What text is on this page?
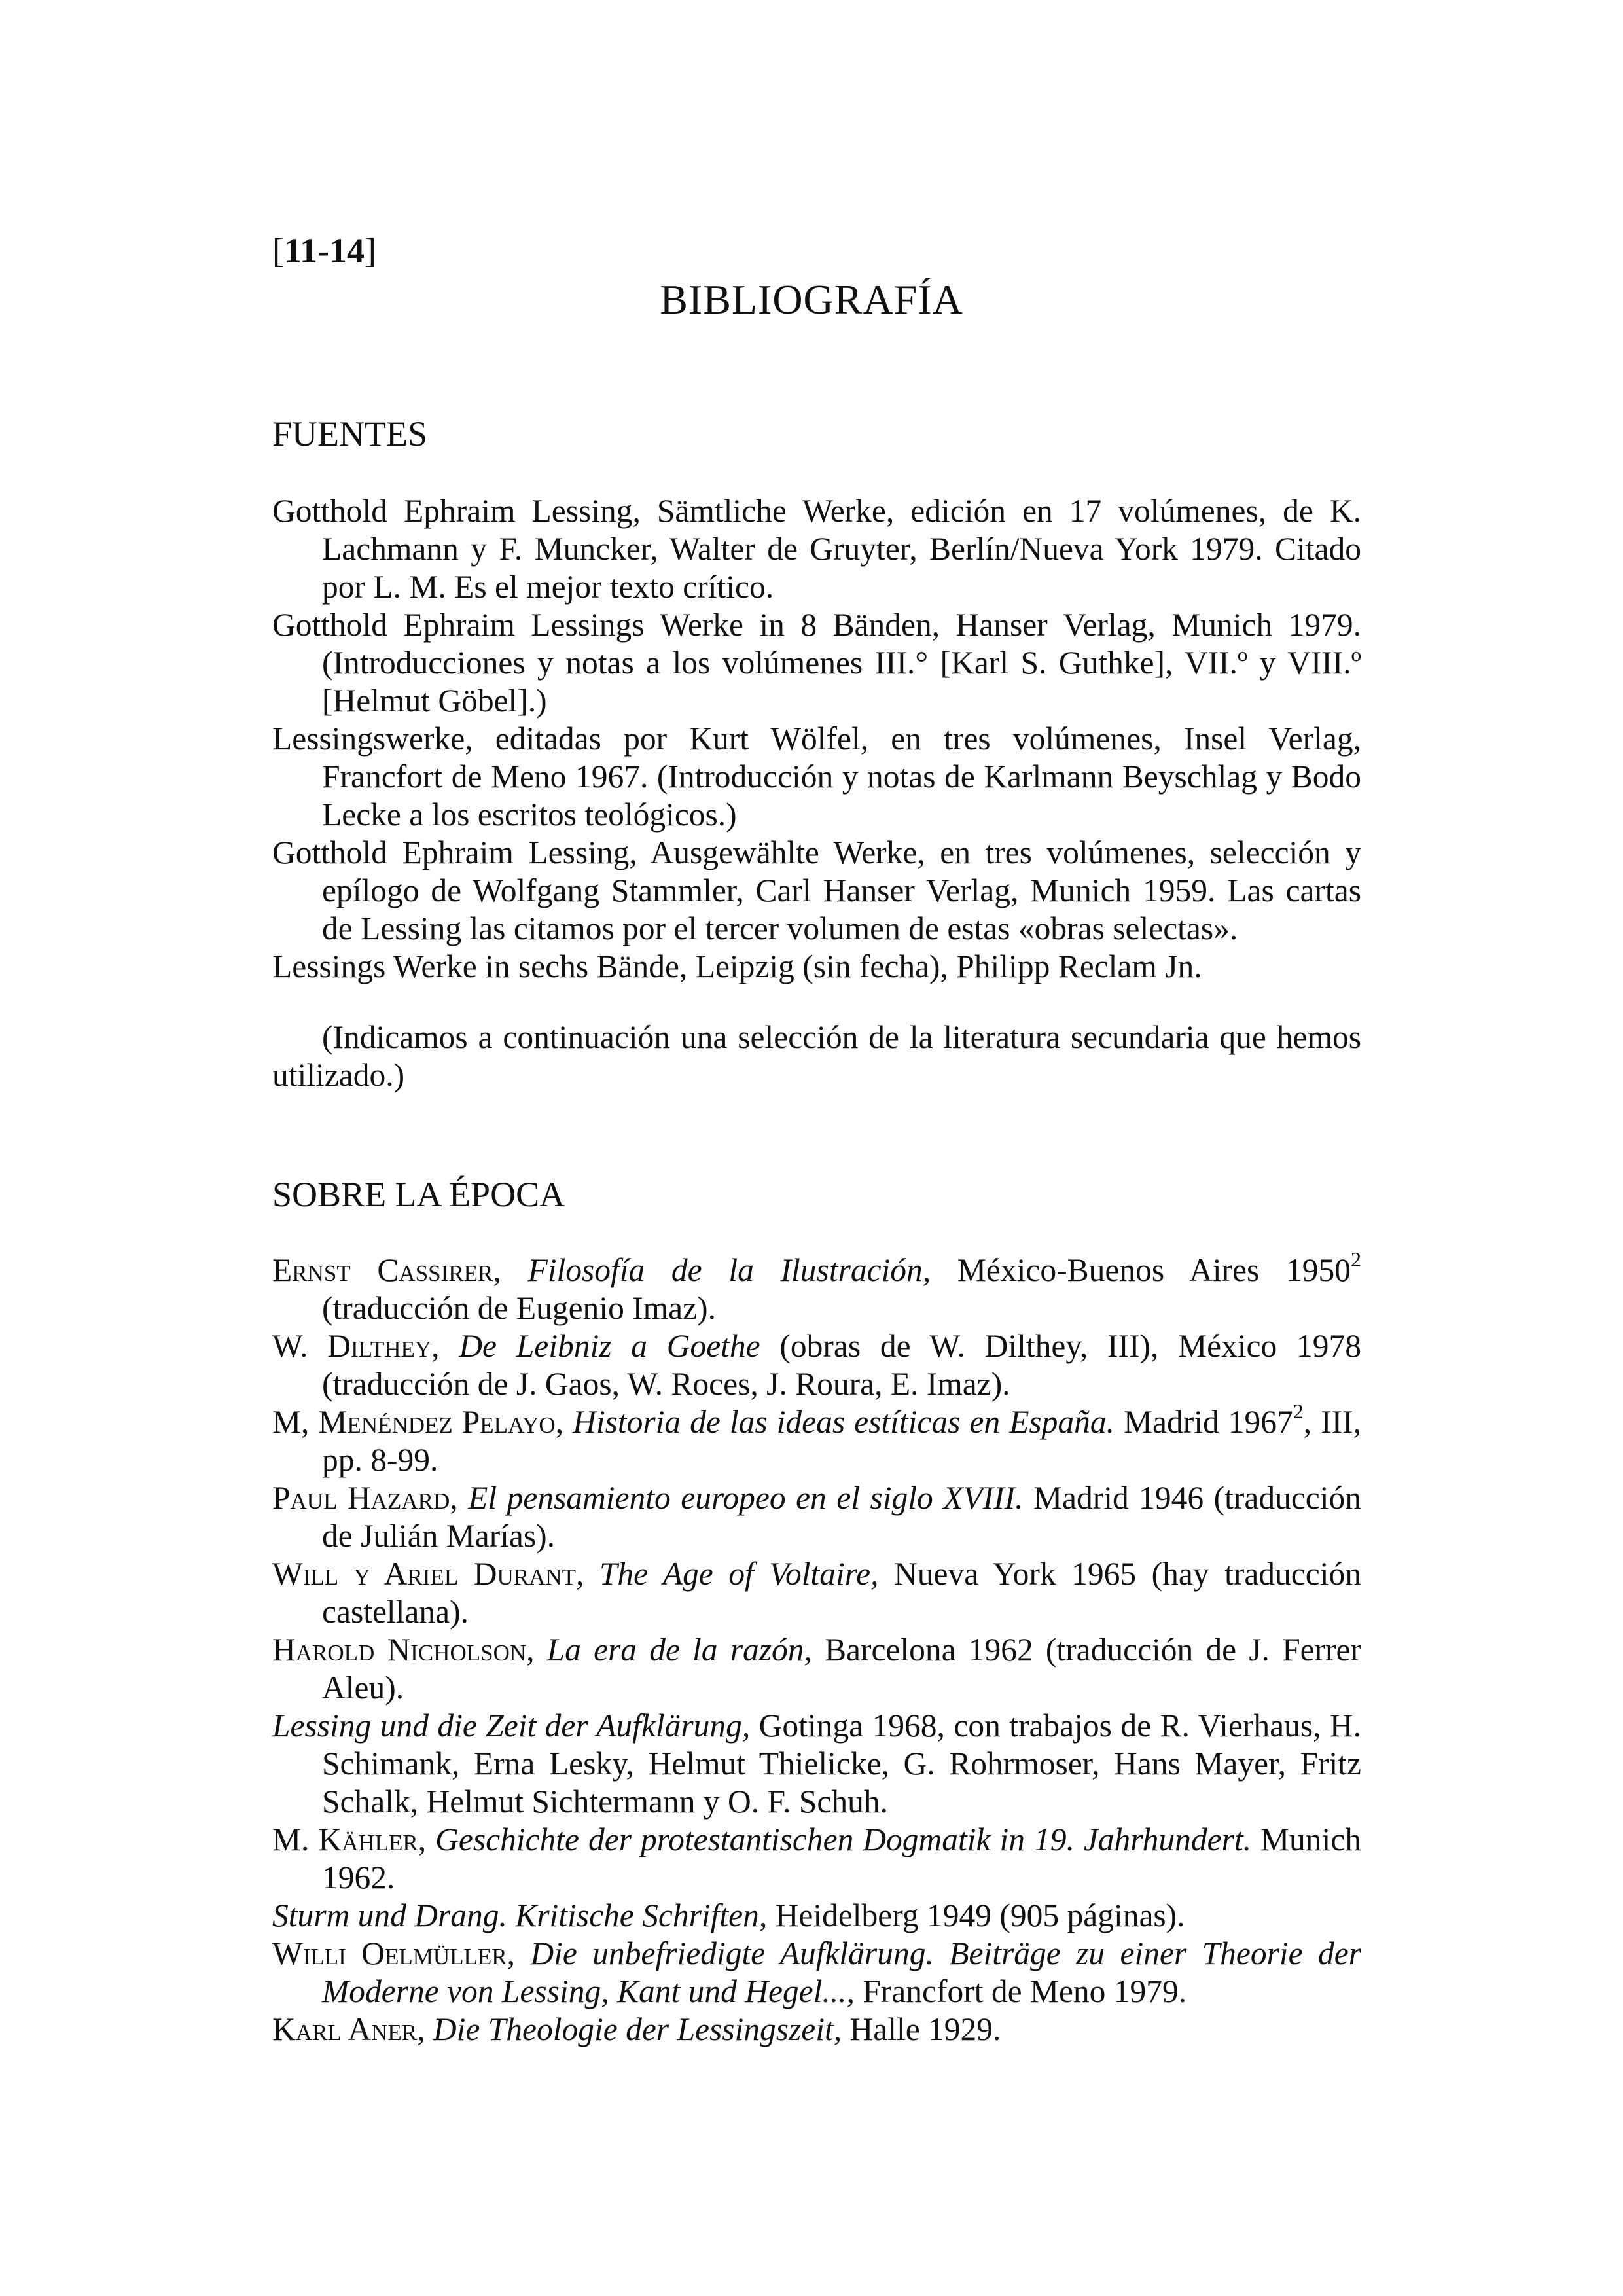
[11-14]
BIBLIOGRAFÍA
FUENTES

Gotthold Ephraim Lessing, Sämtliche Werke, edición en 17 volúmenes, de K. Lachmann y F. Muncker, Walter de Gruyter, Berlín/Nueva York 1979. Citado por L. M. Es el mejor texto crítico.

Gotthold Ephraim Lessings Werke in 8 Bänden, Hanser Verlag, Munich 1979. (Introducciones y notas a los volúmenes III.° [Karl S. Guthke], VII.º y VIII.º [Helmut Göbel].)

Lessingswerke, editadas por Kurt Wölfel, en tres volúmenes, Insel Verlag, Francfort de Meno 1967. (Introducción y notas de Karlmann Beyschlag y Bodo Lecke a los escritos teológicos.)

Gotthold Ephraim Lessing, Ausgewählte Werke, en tres volúmenes, selección y epílogo de Wolfgang Stammler, Carl Hanser Verlag, Munich 1959. Las cartas de Lessing las citamos por el tercer volumen de estas «obras selectas».

Lessings Werke in sechs Bände, Leipzig (sin fecha), Philipp Reclam Jn.

(Indicamos a continuación una selección de la literatura secundaria que hemos utilizado.)

SOBRE LA ÉPOCA

Ernst Cassirer, Filosofía de la Ilustración, México-Buenos Aires 1950$^2$ (traducción de Eugenio Imaz).

W. Dilthey, De Leibniz a Goethe (obras de W. Dilthey, III), México 1978 (traducción de J. Gaos, W. Roces, J. Roura, E. Imaz).

M, Menéndez Pelayo, Historia de las ideas estíticas en España. Madrid 1967$^2$, III, pp. 8-99.

Paul Hazard, El pensamiento europeo en el siglo XVIII. Madrid 1946 (traducción de Julián Marías).

Will y Ariel Durant, The Age of Voltaire, Nueva York 1965 (hay traducción castellana).

Harold Nicholson, La era de la razón, Barcelona 1962 (traducción de J. Ferrer Aleu).

Lessing und die Zeit der Aufklärung, Gotinga 1968, con trabajos de R. Vierhaus, H. Schimank, Erna Lesky, Helmut Thielicke, G. Rohrmoser, Hans Mayer, Fritz Schalk, Helmut Sichtermann y O. F. Schuh.

M. Kähler, Geschichte der protestantischen Dogmatik in 19. Jahrhundert. Munich 1962.

Sturm und Drang. Kritische Schriften, Heidelberg 1949 (905 páginas).

Willi Oelmüller, Die unbefriedigte Aufklärung. Beiträge zu einer Theorie der Moderne von Lessing, Kant und Hegel..., Francfort de Meno 1979.

Karl Aner, Die Theologie der Lessingszeit, Halle 1929.
